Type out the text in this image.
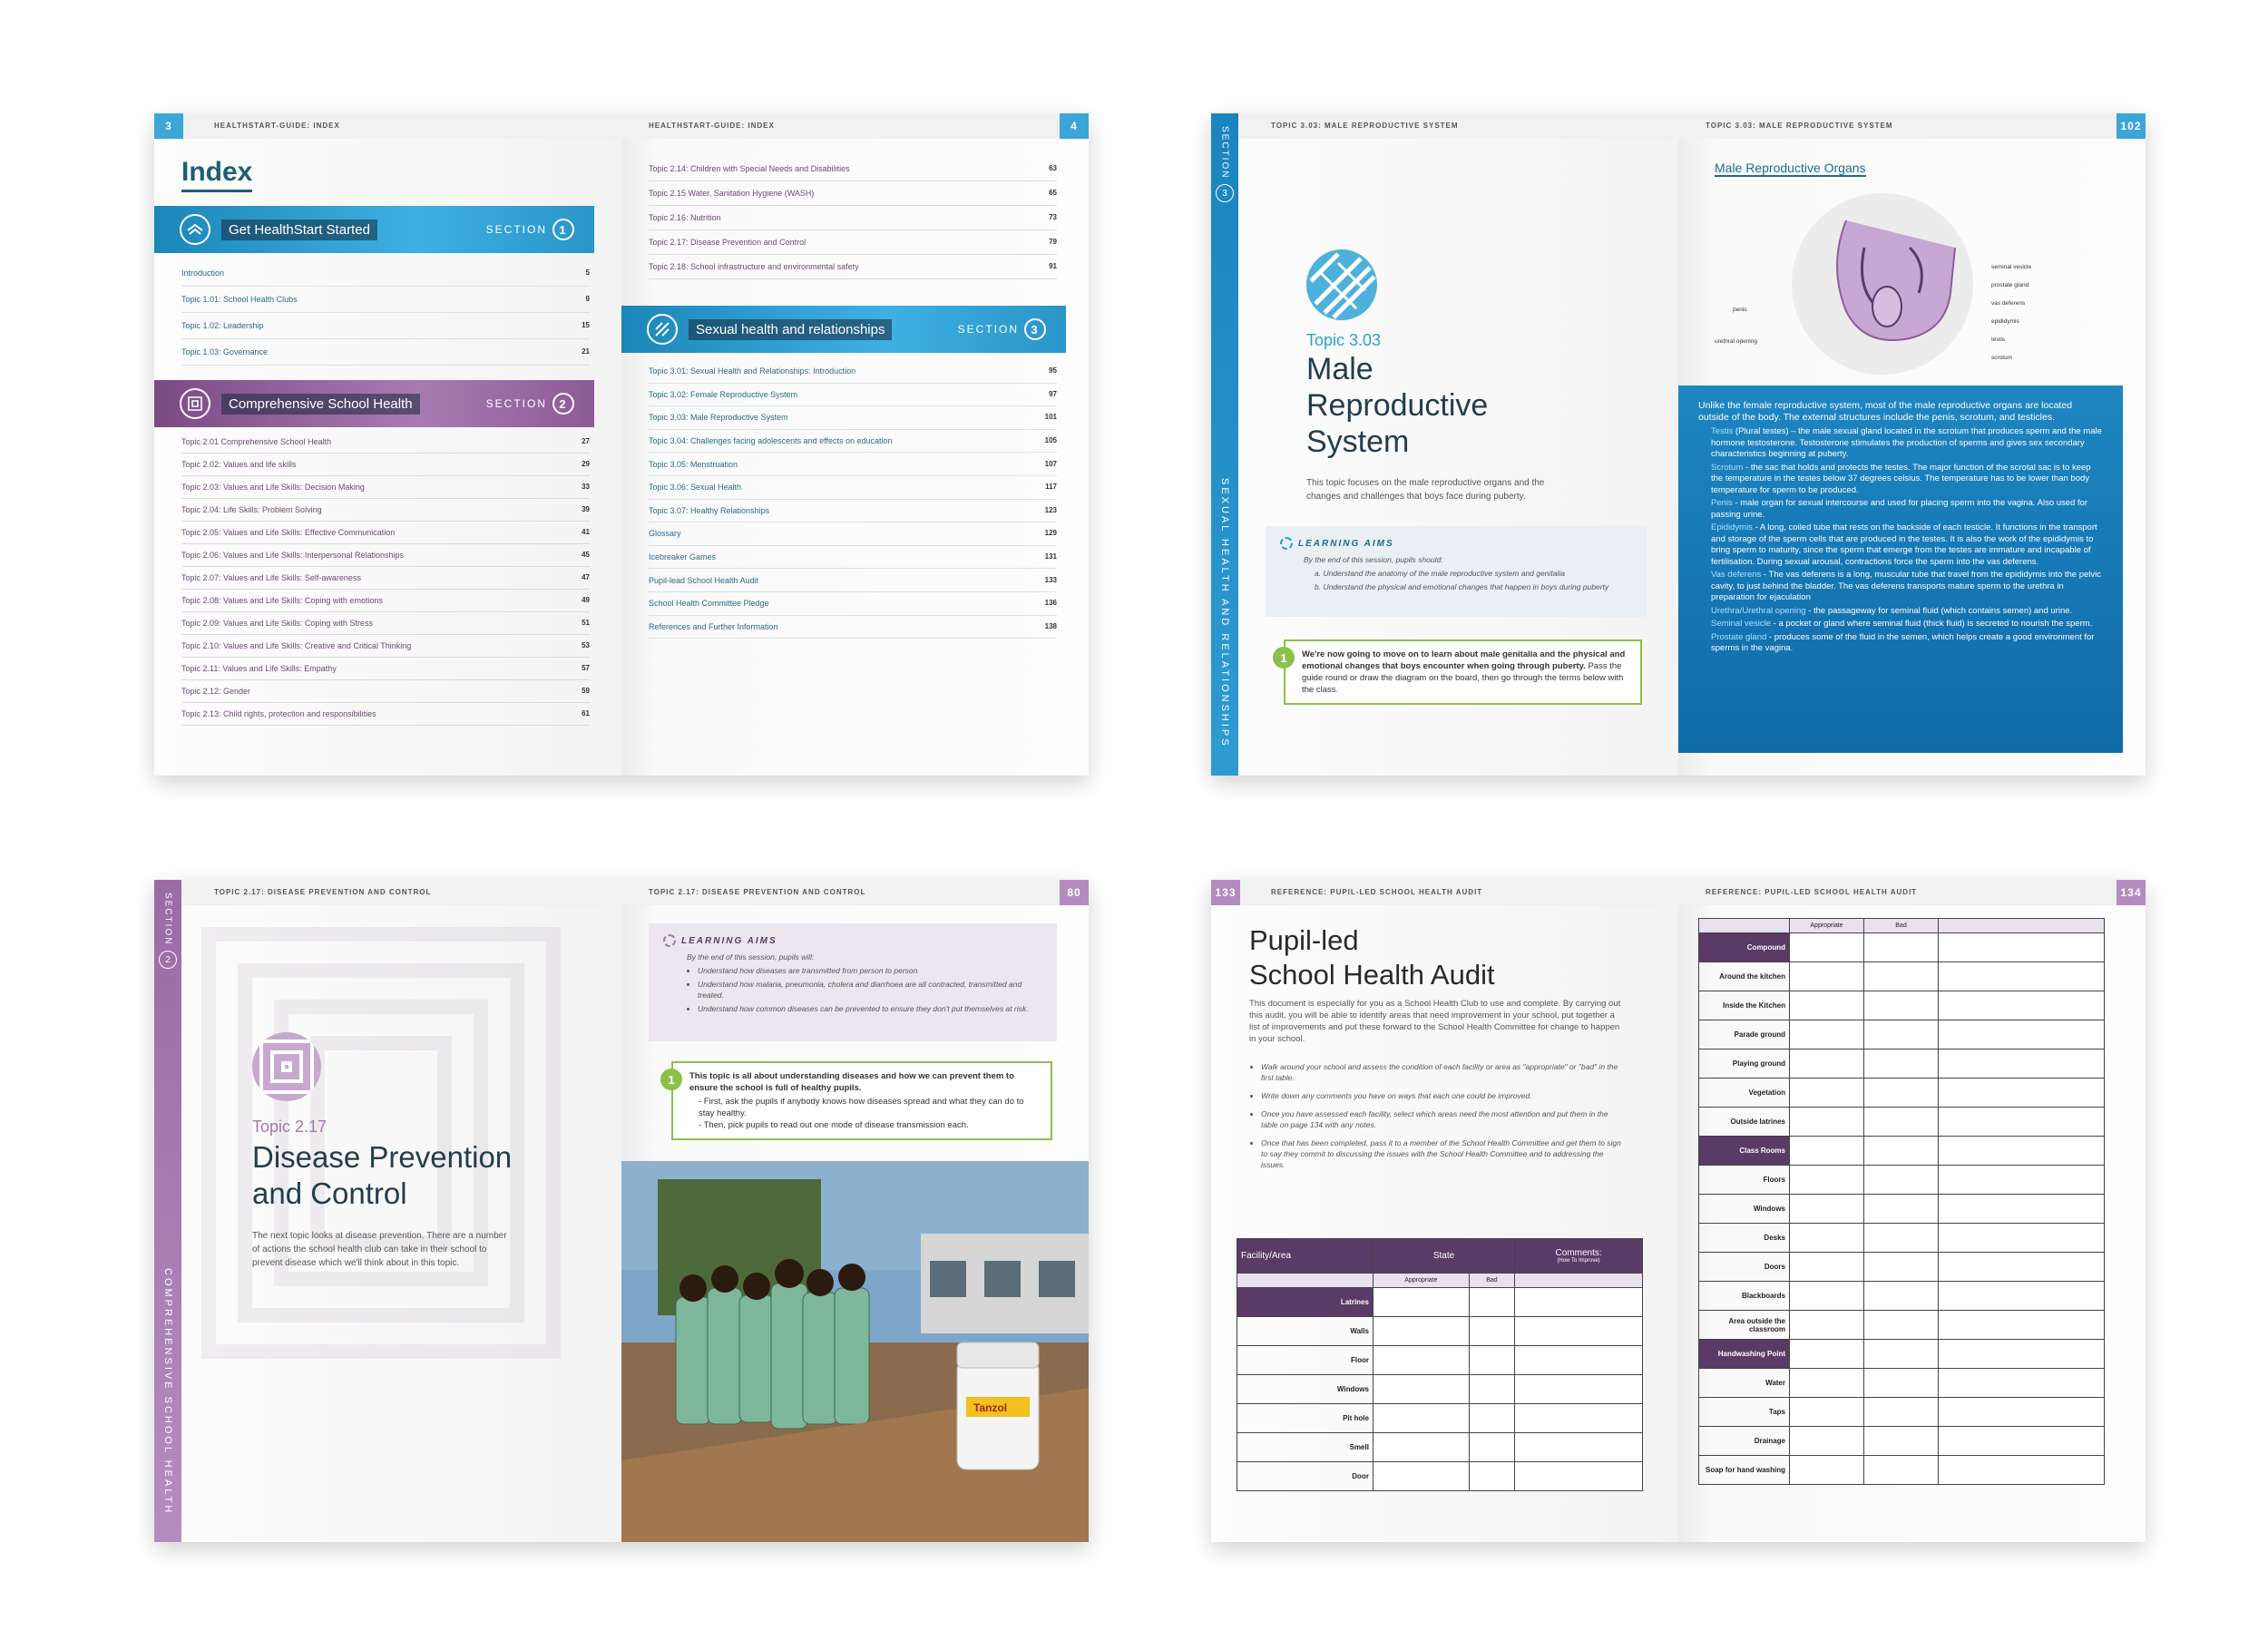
3	HEALTHSTART-GUIDE: INDEX
Index
Get HealthStart Started	SECTION	1
Introduction	5
Topic 1.01: School Health Clubs	9
Topic 1.02: Leadership	15
Topic 1.03: Governance	21
Comprehensive School Health	SECTION	2
Topic 2.01 Comprehensive School Health	27
Topic 2.02: Values and life skills	29
Topic 2.03: Values and Life Skills: Decision Making	33
Topic 2.04: Life Skills: Problem Solving	39
Topic 2.05: Values and Life Skills: Effective Communication	41
Topic 2.06: Values and Life Skills: Interpersonal Relationships	45
Topic 2.07: Values and Life Skills: Self-awareness	47
Topic 2.08: Values and Life Skills: Coping with emotions	49
Topic 2.09: Values and Life Skills: Coping with Stress	51
Topic 2.10: Values and Life Skills: Creative and Critical Thinking	53
Topic 2.11: Values and Life Skills: Empathy	57
Topic 2.12: Gender	59
Topic 2.13: Child rights, protection and responsibilities	61
HEALTHSTART-GUIDE: INDEX	4
Topic 2.14: Children with Special Needs and Disabilities	63
Topic 2.15 Water, Sanitation Hygiene (WASH)	65
Topic 2.16: Nutrition	73
Topic 2.17: Disease Prevention and Control	79
Topic 2.18: School infrastructure and environmental safety	91
Sexual health and relationships	SECTION	3
Topic 3.01: Sexual Health and Relationships: Introduction	95
Topic 3.02: Female Reproductive System	97
Topic 3.03: Male Reproductive System	101
Topic 3.04: Challenges facing adolescents and effects on education	105
Topic 3.05: Menstruation	107
Topic 3.06: Sexual Health	117
Topic 3.07: Healthy Relationships	123
Glossary	129
Icebreaker Games	131
Pupil-lead School Health Audit	133
School Health Committee Pledge	136
References and Further Information	138
TOPIC 3.03: MALE REPRODUCTIVE SYSTEM
SECTION
3
SEXUAL HEALTH AND RELATIONSHIPS
Topic 3.03
Male
Reproductive
System
This topic focuses on the male reproductive organs and the changes and challenges that boys face during puberty.
LEARNING AIMS
By the end of this session, pupils should:
a. Understand the anatomy of the male reproductive system and genitalia
b. Understand the physical and emotional changes that happen in boys during puberty
1	We're now going to move on to learn about male genitalia and the physical and emotional changes that boys encounter when going through puberty. Pass the guide round or draw the diagram on the board, then go through the terms below with the class.
TOPIC 3.03: MALE REPRODUCTIVE SYSTEM	102
Male Reproductive Organs
seminal vesicle
prostate gland
vas deferens
epididymis
testis
scrotum
penis
urethral opening

Unlike the female reproductive system, most of the male reproductive organs are located outside of the body. The external structures include the penis, scrotum, and testicles.

Testis (Plural testes) – the male sexual gland located in the scrotum that produces sperm and the male hormone testosterone. Testosterone stimulates the production of sperms and gives sex secondary characteristics beginning at puberty.
Scrotum - the sac that holds and protects the testes. The major function of the scrotal sac is to keep the temperature in the testes below 37 degrees celsius. The temperature has to be lower than body temperature for sperm to be produced.
Penis - male organ for sexual intercourse and used for placing sperm into the vagina. Also used for passing urine.
Epididymis - A long, coiled tube that rests on the backside of each testicle. It functions in the transport and storage of the sperm cells that are produced in the testes. It is also the work of the epididymis to bring sperm to maturity, since the sperm that emerge from the testes are immature and incapable of fertilisation. During sexual arousal, contractions force the sperm into the vas deferens.
Vas deferens - The vas deferens is a long, muscular tube that travel from the epididymis into the pelvic cavity, to just behind the bladder. The vas deferens transports mature sperm to the urethra in preparation for ejaculation
Urethra/Urethral opening - the passageway for seminal fluid (which contains semen) and urine.
Seminal vesicle - a pocket or gland where seminal fluid (thick fluid) is secreted to nourish the sperm.
Prostate gland - produces some of the fluid in the semen, which helps create a good environment for sperms in the vagina.
TOPIC 2.17: DISEASE PREVENTION AND CONTROL
SECTION
2
COMPREHENSIVE SCHOOL HEALTH
Topic 2.17
Disease Prevention
and Control
The next topic looks at disease prevention. There are a number of actions the school health club can take in their school to prevent disease which we'll think about in this topic.
TOPIC 2.17: DISEASE PREVENTION AND CONTROL	80
LEARNING AIMS
By the end of this session, pupils will:
• Understand how diseases are transmitted from person to person
• Understand how malaria, pneumonia, cholera and diarrhoea are all contracted, transmitted and treated.
• Understand how common diseases can be prevented to ensure they don't put themselves at risk.
1	This topic is all about understanding diseases and how we can prevent them to ensure the school is full of healthy pupils.
- First, ask the pupils if anybody knows how diseases spread and what they can do to stay healthy.
- Then, pick pupils to read out one mode of disease transmission each.
Tanzol
133	REFERENCE: PUPIL-LED SCHOOL HEALTH AUDIT
Pupil-led
School Health Audit
This document is especially for you as a School Health Club to use and complete. By carrying out this audit, you will be able to identify areas that need improvement in your school, put together a list of improvements and put these forward to the School Health Committee for change to happen in your school.
• Walk around your school and assess the condition of each facility or area as "appropriate" or "bad" in the first table.
• Write down any comments you have on ways that each one could be improved.
• Once you have assessed each facility, select which areas need the most attention and put them in the table on page 134 with any notes.
• Once that has been completed, pass it to a member of the School Health Committee and get them to sign to say they commit to discussing the issues with the School Health Committee and to addressing the issues.
Facility/Area	State		Comments:
(How To Improve)

	Appropriate	Bad	
Latrines			
Walls			
Floor			
Windows			
Pit hole			
Smell			
Door			
REFERENCE: PUPIL-LED SCHOOL HEALTH AUDIT	134
	Appropriate	Bad	
Compound			
Around the kitchen			
Inside the Kitchen			
Parade ground			
Playing ground			
Vegetation			
Outside latrines			
Class Rooms			
Floors			
Windows			
Desks			
Doors			
Blackboards			
Area outside the classroom			
Handwashing Point			
Water			
Taps			
Drainage			
Soap for hand washing			
